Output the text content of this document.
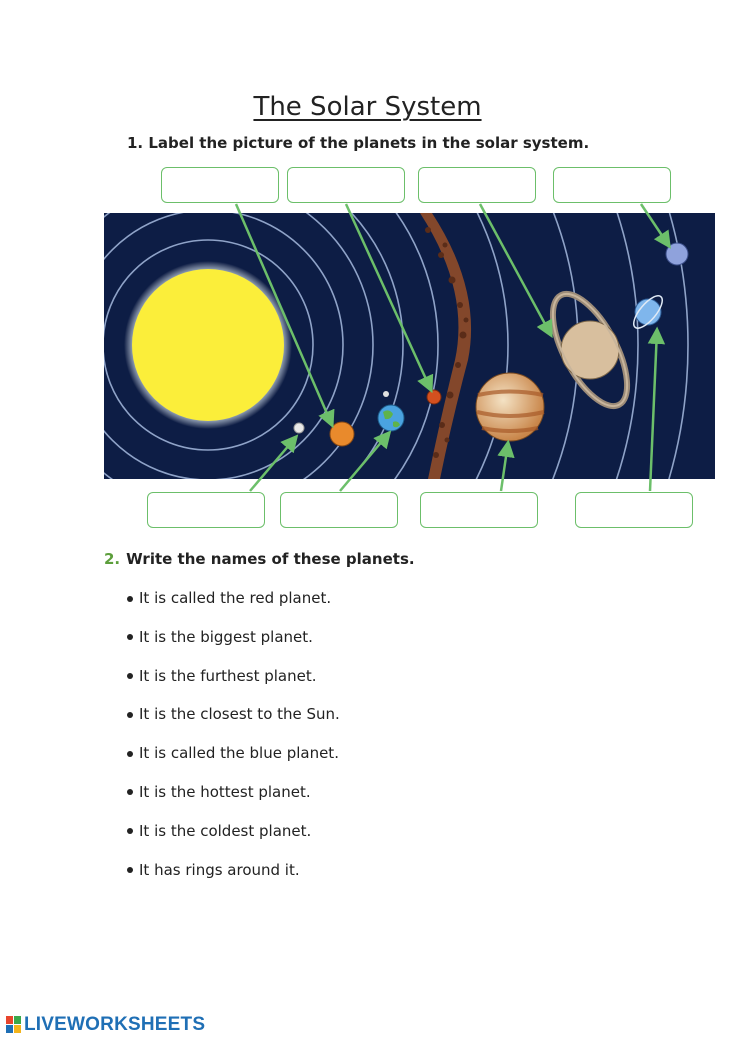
The Solar System

1. Label the picture of the planets in the solar system.

2. Write the names of these planets.

It is called the red planet.
It is the biggest planet.
It is the furthest planet.
It is the closest to the Sun.
It is called the blue planet.
It is the hottest planet.
It is the coldest planet.
It has rings around it.
LIVEWORKSHEETS
